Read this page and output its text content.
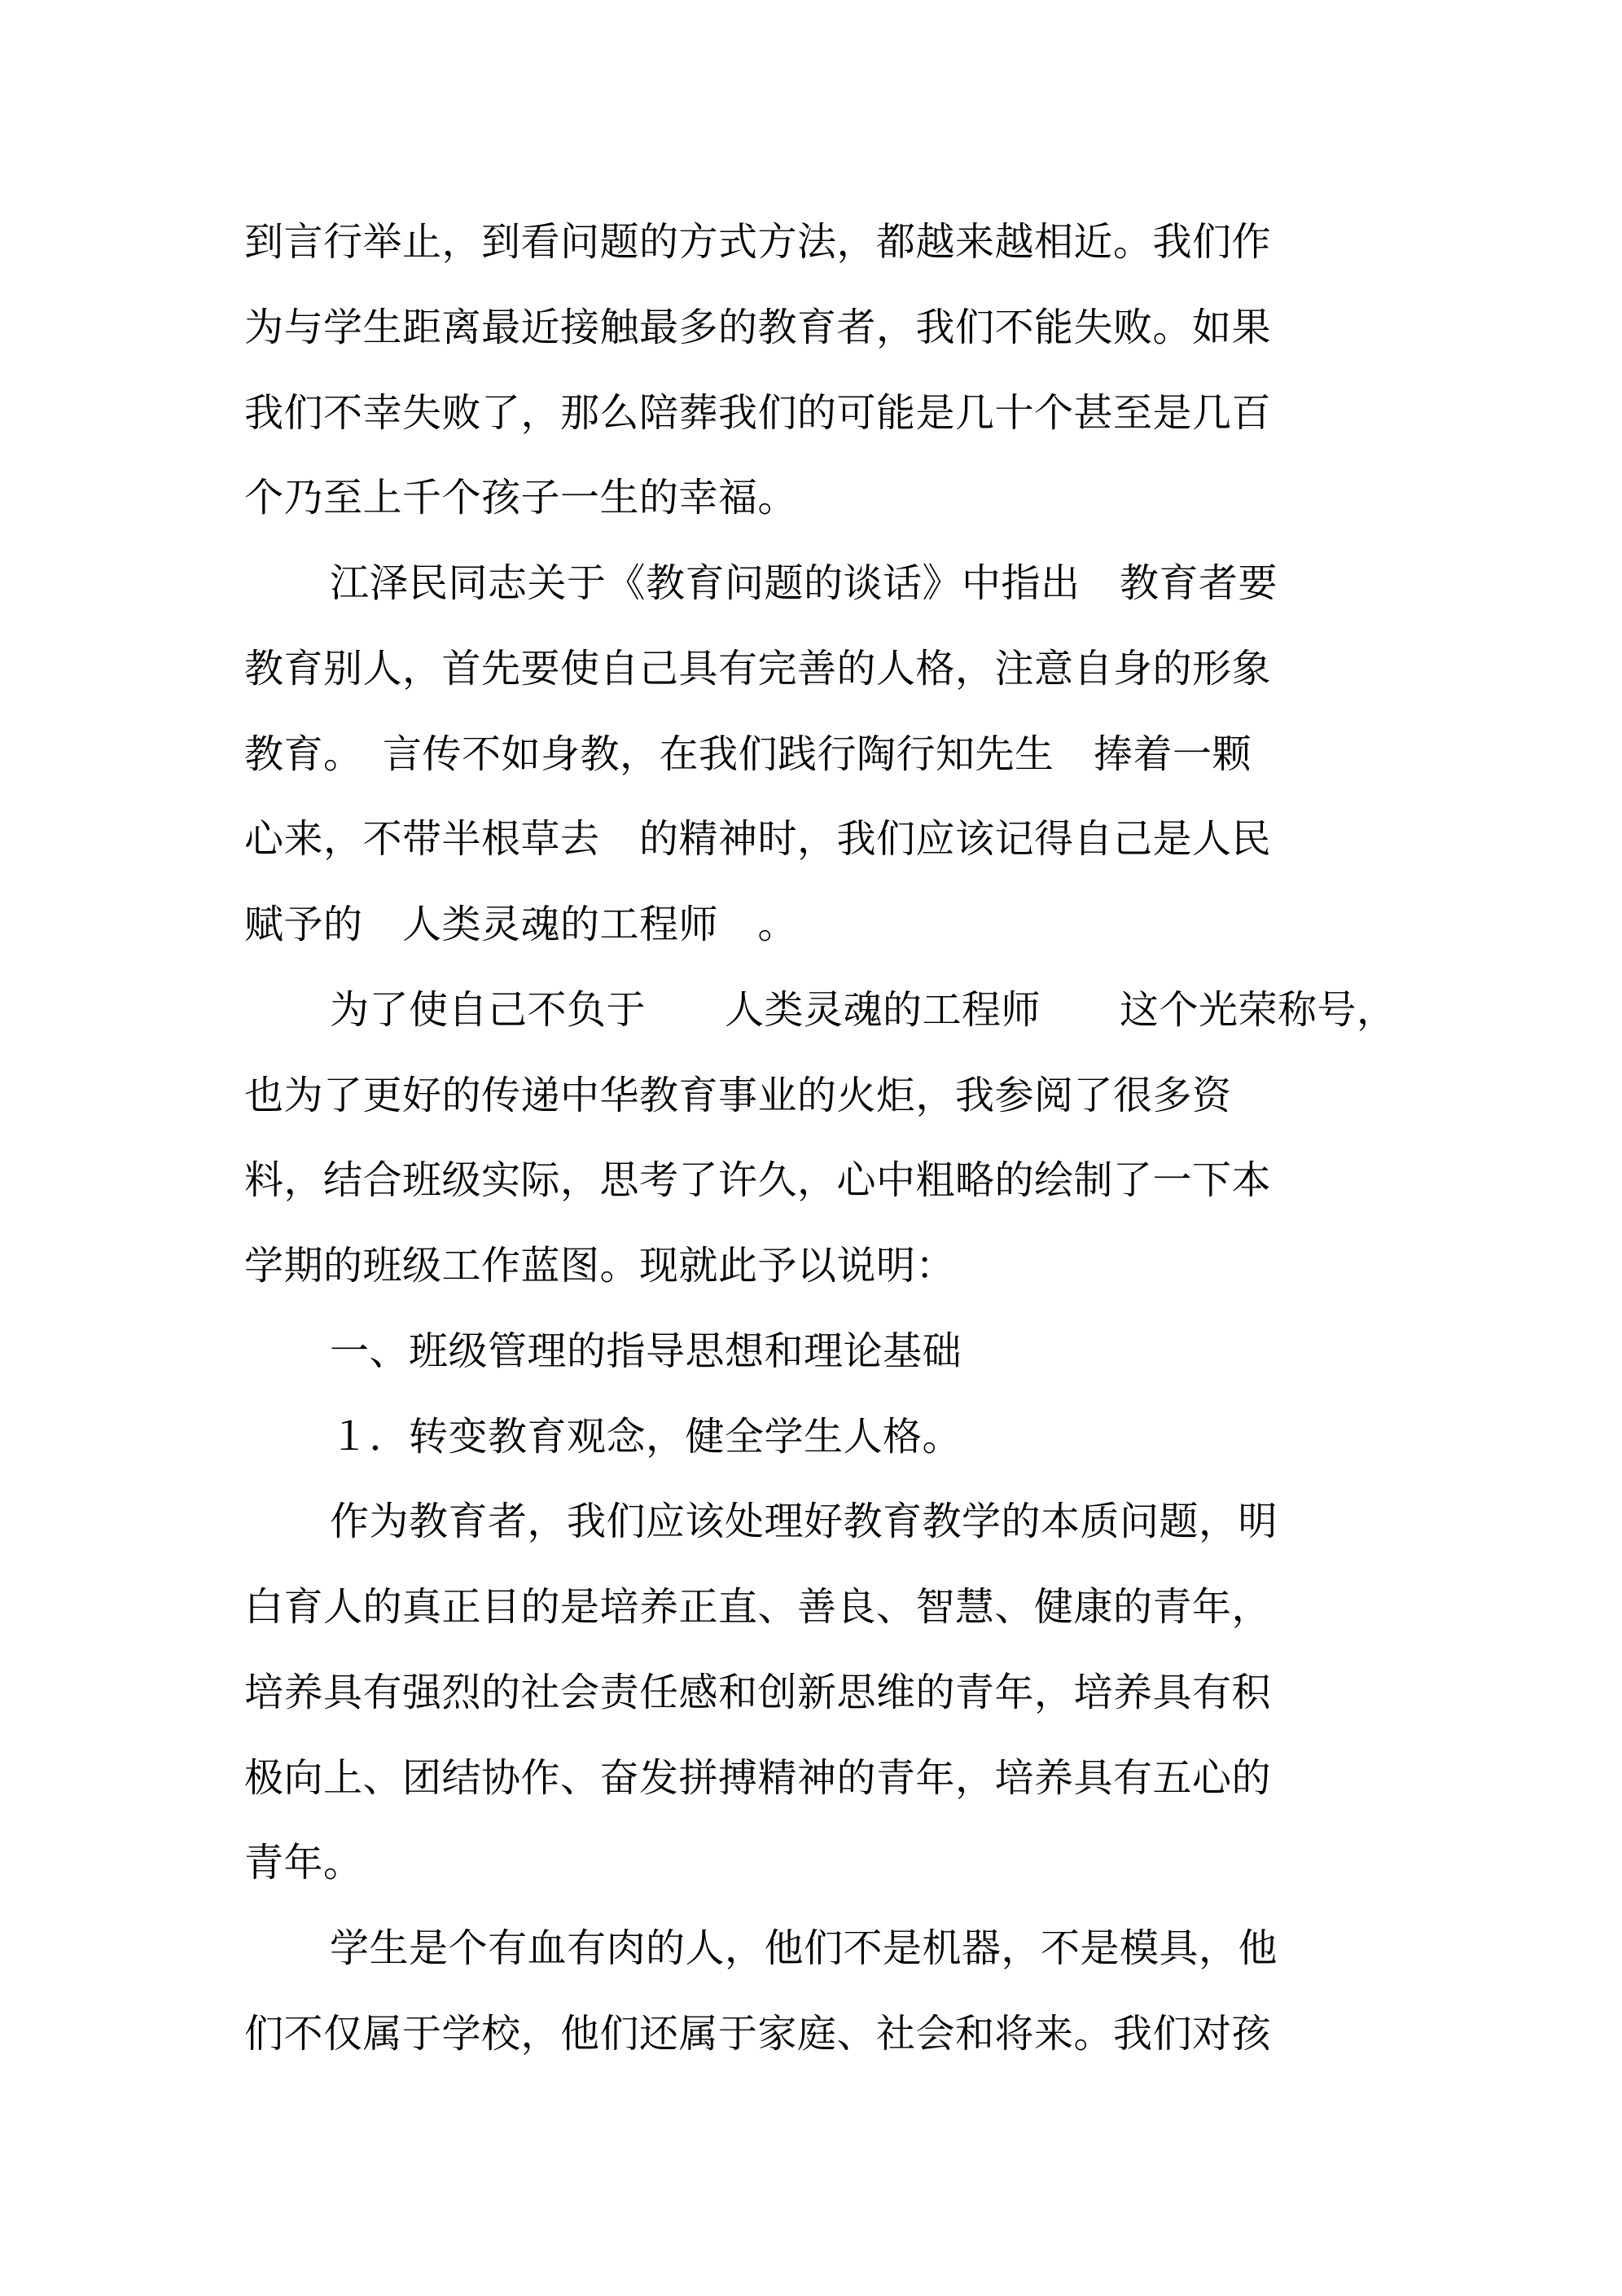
到言行举止，到看问题的方式方法，都越来越相近。我们作
为与学生距离最近接触最多的教育者，我们不能失败。如果
我们不幸失败了，那么陪葬我们的可能是几十个甚至是几百
个乃至上千个孩子一生的幸福。
江泽民同志关于《教育问题的谈话》中指出　教育者要
教育别人，首先要使自己具有完善的人格，注意自身的形象
教育。　言传不如身教，在我们践行陶行知先生　捧着一颗
心来，不带半根草去　的精神时，我们应该记得自己是人民
赋予的　人类灵魂的工程师　。
为了使自己不负于　　人类灵魂的工程师　　这个光荣称号，
也为了更好的传递中华教育事业的火炬，我参阅了很多资
料，结合班级实际，思考了许久，心中粗略的绘制了一下本
学期的班级工作蓝图。现就此予以说明：
一、班级管理的指导思想和理论基础
１．转变教育观念，健全学生人格。
作为教育者，我们应该处理好教育教学的本质问题，明
白育人的真正目的是培养正直、善良、智慧、健康的青年，
培养具有强烈的社会责任感和创新思维的青年，培养具有积
极向上、团结协作、奋发拼搏精神的青年，培养具有五心的
青年。
学生是个有血有肉的人，他们不是机器，不是模具，他
们不仅属于学校，他们还属于家庭、社会和将来。我们对孩
